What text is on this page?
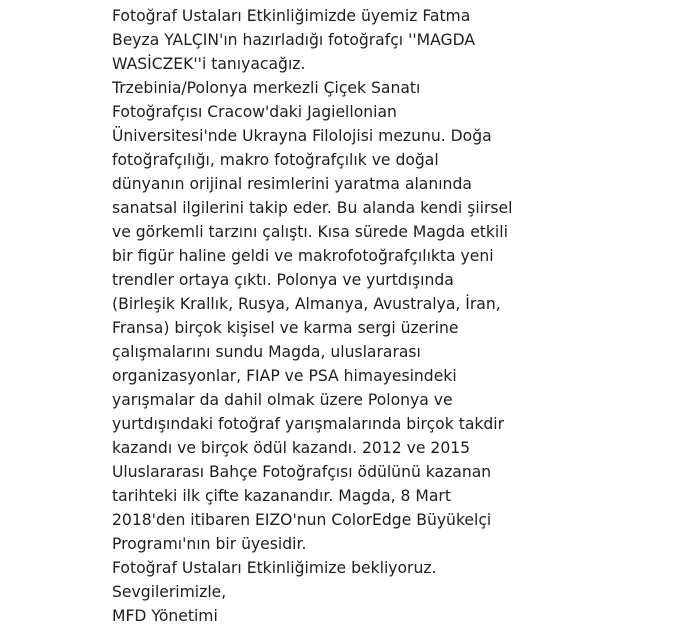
Fotoğraf Ustaları Etkinliğimizde üyemiz Fatma
Beyza YALÇIN'ın hazırladığı fotoğrafçı ''MAGDA
WASİCZEK''i tanıyacağız.

Trzebinia/Polonya merkezli Çiçek Sanatı
Fotoğrafçısı Cracow'daki Jagiellonian
Üniversitesi'nde Ukrayna Filolojisi mezunu. Doğa
fotoğrafçılığı, makro fotoğrafçılık ve doğal
dünyanın orijinal resimlerini yaratma alanında
sanatsal ilgilerini takip eder. Bu alanda kendi şiirsel
ve görkemli tarzını çalıştı. Kısa sürede Magda etkili
bir figür haline geldi ve makrofotoğrafçılıkta yeni
trendler ortaya çıktı. Polonya ve yurtdışında
(Birleşik Krallık, Rusya, Almanya, Avustralya, İran,
Fransa) birçok kişisel ve karma sergi üzerine
çalışmalarını sundu Magda, uluslararası
organizasyonlar, FIAP ve PSA himayesindeki
yarışmalar da dahil olmak üzere Polonya ve
yurtdışındaki fotoğraf yarışmalarında birçok takdir
kazandı ve birçok ödül kazandı. 2012 ve 2015
Uluslararası Bahçe Fotoğrafçısı ödülünü kazanan
tarihteki ilk çifte kazanandır. Magda, 8 Mart
2018'den itibaren EIZO'nun ColorEdge Büyükelçi
Programı'nın bir üyesidir.

Fotoğraf Ustaları Etkinliğimize bekliyoruz.

Sevgilerimizle,

MFD Yönetimi
